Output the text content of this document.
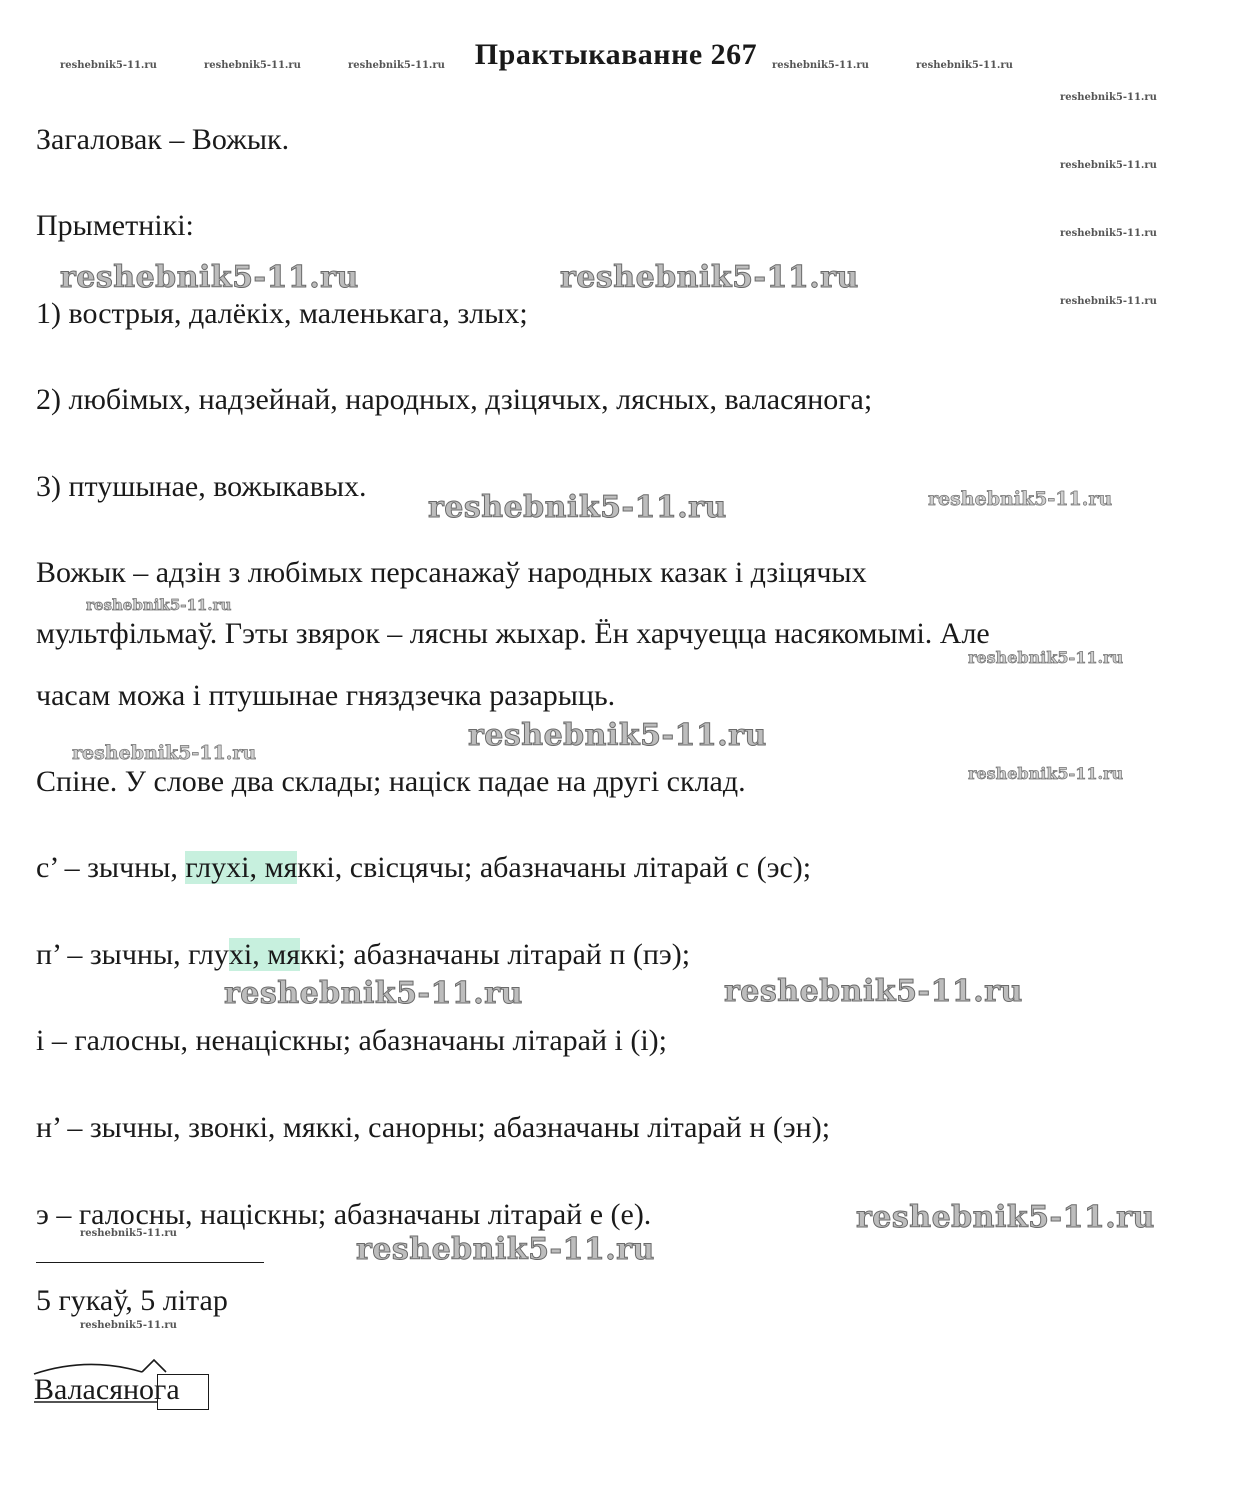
Практыкаванне 267
Загаловак – Вожык.
Прыметнікі:
1) вострыя, далёкіх, маленькага, злых;
2) любімых, надзейнай, народных, дзіцячых, лясных, валасянога;
3) птушынае, вожыкавых.
Вожык – адзін з любімых персанажаў народных казак і дзіцячых
мультфільмаў. Гэты звярок – лясны жыхар. Ён харчуецца насякомымі. Але
часам можа і птушынае гняздзечка разарыць.
Спіне. У слове два склады; націск падае на другі склад.
с’ – зычны, глухі, мяккі, свісцячы; абазначаны літарай с (эс);
п’ – зычны, глухі, мяккі; абазначаны літарай п (пэ);
і – галосны, ненаціскны; абазначаны літарай і (і);
н’ – зычны, звонкі, мяккі, санорны; абазначаны літарай н (эн);
э – галосны, націскны; абазначаны літарай е (е).
5 гукаў, 5 літар
Валасянога
reshebnik5-11.ru	reshebnik5-11.ru	reshebnik5-11.ru	reshebnik5-11.ru	reshebnik5-11.ru
reshebnik5-11.ru
reshebnik5-11.ru
reshebnik5-11.ru
reshebnik5-11.ru
reshebnik5-11.ru
reshebnik5-11.ru
reshebnik5-11.ru
reshebnik5-11.ru
reshebnik5-11.ru
reshebnik5-11.ru
reshebnik5-11.ru
reshebnik5-11.ru	reshebnik5-11.ru
reshebnik5-11.ru
reshebnik5-11.ru
reshebnik5-11.ru	reshebnik5-11.ru
reshebnik5-11.ru
reshebnik5-11.ru
